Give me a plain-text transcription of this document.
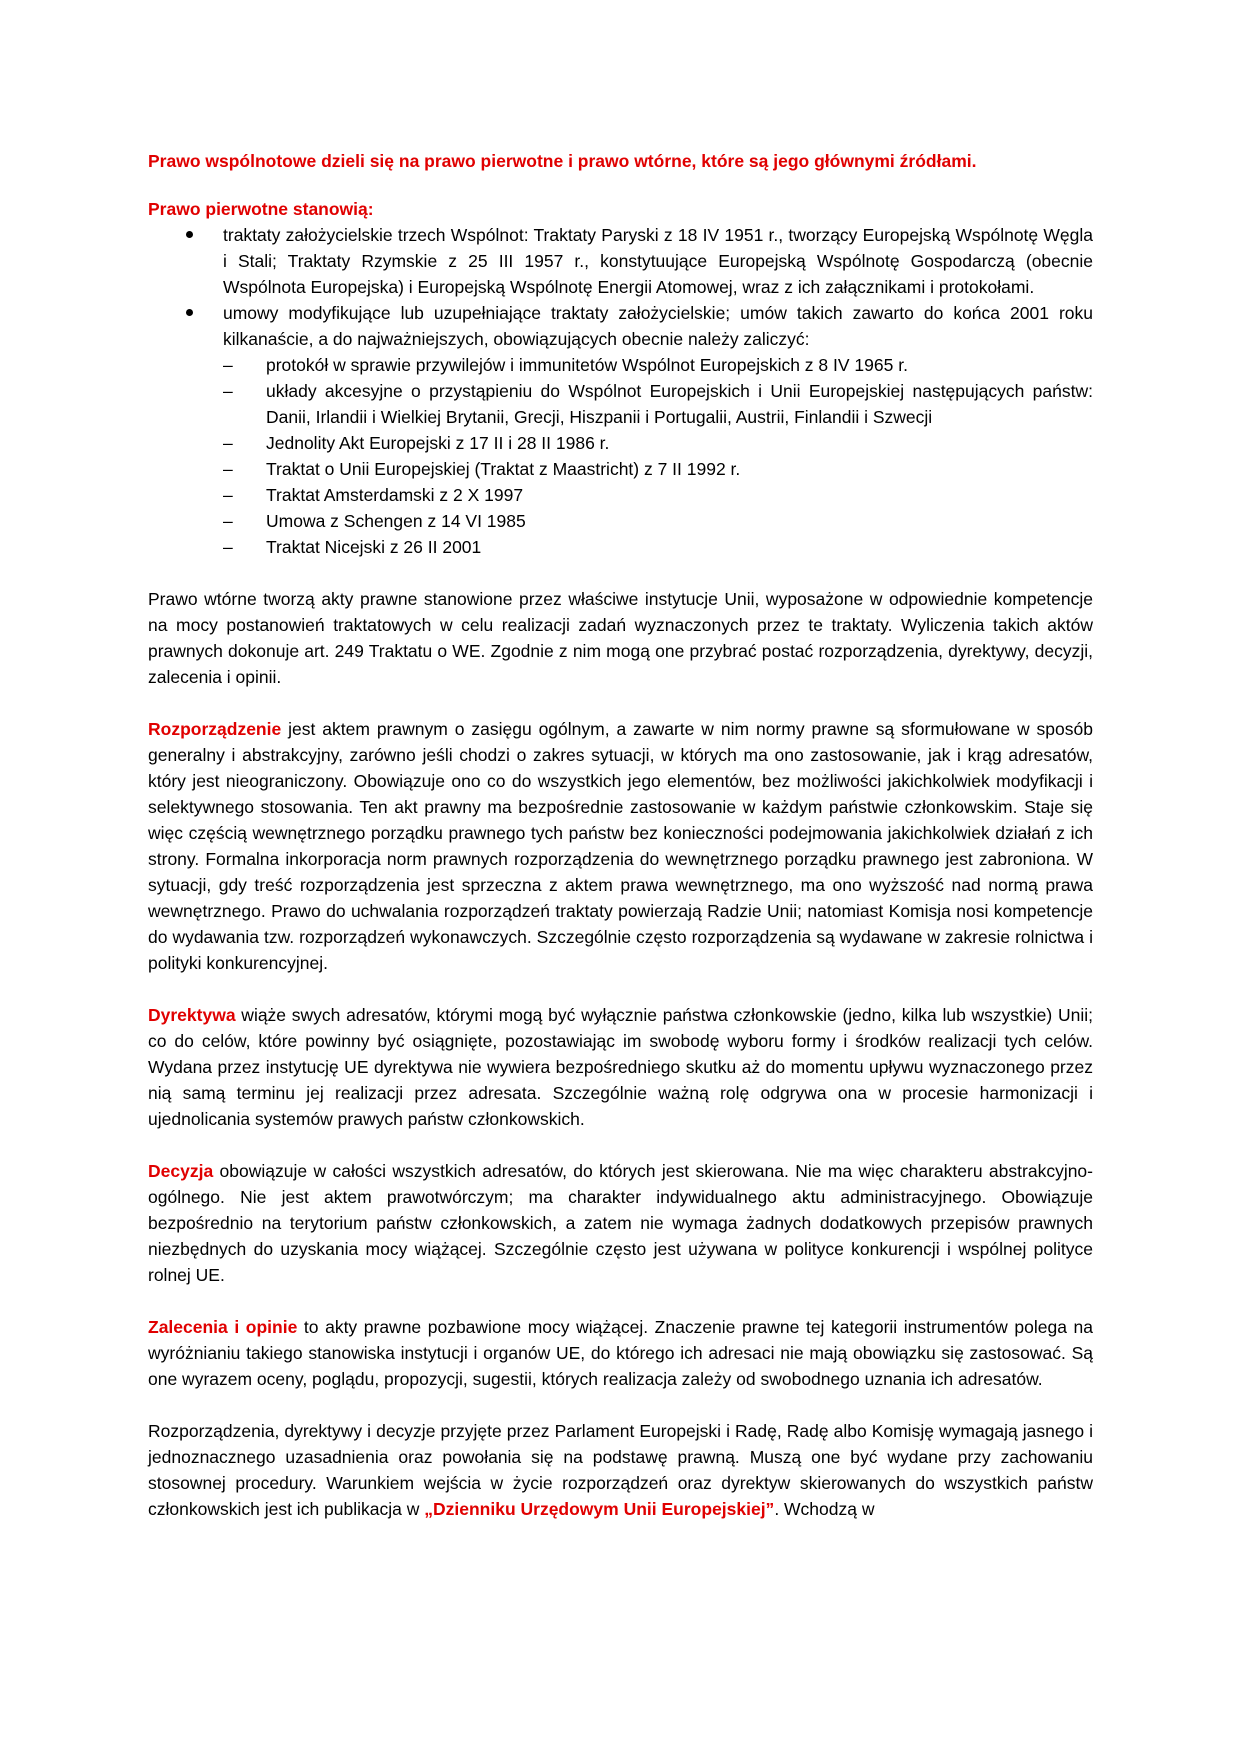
Prawo wspólnotowe dzieli się na prawo pierwotne i prawo wtórne, które są jego głównymi źródłami.

Prawo pierwotne stanowią:

traktaty założycielskie trzech Wspólnot: Traktaty Paryski z 18 IV 1951 r., tworzący Europejską Wspólnotę Węgla i Stali; Traktaty Rzymskie z 25 III 1957 r., konstytuujące Europejską Wspólnotę Gospodarczą (obecnie Wspólnota Europejska) i Europejską Wspólnotę Energii Atomowej, wraz z ich załącznikami i protokołami.
umowy modyfikujące lub uzupełniające traktaty założycielskie; umów takich zawarto do końca 2001 roku kilkanaście, a do najważniejszych, obowiązujących obecnie należy zaliczyć:
– protokół w sprawie przywilejów i immunitetów Wspólnot Europejskich z 8 IV 1965 r.
– układy akcesyjne o przystąpieniu do Wspólnot Europejskich i Unii Europejskiej następujących państw: Danii, Irlandii i Wielkiej Brytanii, Grecji, Hiszpanii i Portugalii, Austrii, Finlandii i Szwecji
– Jednolity Akt Europejski z 17 II i 28 II 1986 r.
– Traktat o Unii Europejskiej (Traktat z Maastricht) z 7 II 1992 r.
– Traktat Amsterdamski z 2 X 1997
– Umowa z Schengen z 14 VI 1985
– Traktat Nicejski z 26 II 2001

Prawo wtórne tworzą akty prawne stanowione przez właściwe instytucje Unii, wyposażone w odpowiednie kompetencje na mocy postanowień traktatowych w celu realizacji zadań wyznaczonych przez te traktaty. Wyliczenia takich aktów prawnych dokonuje art. 249 Traktatu o WE. Zgodnie z nim mogą one przybrać postać rozporządzenia, dyrektywy, decyzji, zalecenia i opinii.

Rozporządzenie jest aktem prawnym o zasięgu ogólnym, a zawarte w nim normy prawne są sformułowane w sposób generalny i abstrakcyjny, zarówno jeśli chodzi o zakres sytuacji, w których ma ono zastosowanie, jak i krąg adresatów, który jest nieograniczony. Obowiązuje ono co do wszystkich jego elementów, bez możliwości jakichkolwiek modyfikacji i selektywnego stosowania. Ten akt prawny ma bezpośrednie zastosowanie w każdym państwie członkowskim. Staje się więc częścią wewnętrznego porządku prawnego tych państw bez konieczności podejmowania jakichkolwiek działań z ich strony. Formalna inkorporacja norm prawnych rozporządzenia do wewnętrznego porządku prawnego jest zabroniona. W sytuacji, gdy treść rozporządzenia jest sprzeczna z aktem prawa wewnętrznego, ma ono wyższość nad normą prawa wewnętrznego. Prawo do uchwalania rozporządzeń traktaty powierzają Radzie Unii; natomiast Komisja nosi kompetencje do wydawania tzw. rozporządzeń wykonawczych. Szczególnie często rozporządzenia są wydawane w zakresie rolnictwa i polityki konkurencyjnej.

Dyrektywa wiąże swych adresatów, którymi mogą być wyłącznie państwa członkowskie (jedno, kilka lub wszystkie) Unii; co do celów, które powinny być osiągnięte, pozostawiając im swobodę wyboru formy i środków realizacji tych celów. Wydana przez instytucję UE dyrektywa nie wywiera bezpośredniego skutku aż do momentu upływu wyznaczonego przez nią samą terminu jej realizacji przez adresata. Szczególnie ważną rolę odgrywa ona w procesie harmonizacji i ujednolicania systemów prawych państw członkowskich.

Decyzja obowiązuje w całości wszystkich adresatów, do których jest skierowana. Nie ma więc charakteru abstrakcyjno-ogólnego. Nie jest aktem prawotwórczym; ma charakter indywidualnego aktu administracyjnego. Obowiązuje bezpośrednio na terytorium państw członkowskich, a zatem nie wymaga żadnych dodatkowych przepisów prawnych niezbędnych do uzyskania mocy wiążącej. Szczególnie często jest używana w polityce konkurencji i wspólnej polityce rolnej UE.

Zalecenia i opinie to akty prawne pozbawione mocy wiążącej. Znaczenie prawne tej kategorii instrumentów polega na wyróżnianiu takiego stanowiska instytucji i organów UE, do którego ich adresaci nie mają obowiązku się zastosować. Są one wyrazem oceny, poglądu, propozycji, sugestii, których realizacja zależy od swobodnego uznania ich adresatów.

Rozporządzenia, dyrektywy i decyzje przyjęte przez Parlament Europejski i Radę, Radę albo Komisję wymagają jasnego i jednoznacznego uzasadnienia oraz powołania się na podstawę prawną. Muszą one być wydane przy zachowaniu stosownej procedury. Warunkiem wejścia w życie rozporządzeń oraz dyrektyw skierowanych do wszystkich państw członkowskich jest ich publikacja w „Dzienniku Urzędowym Unii Europejskiej”. Wchodzą w
